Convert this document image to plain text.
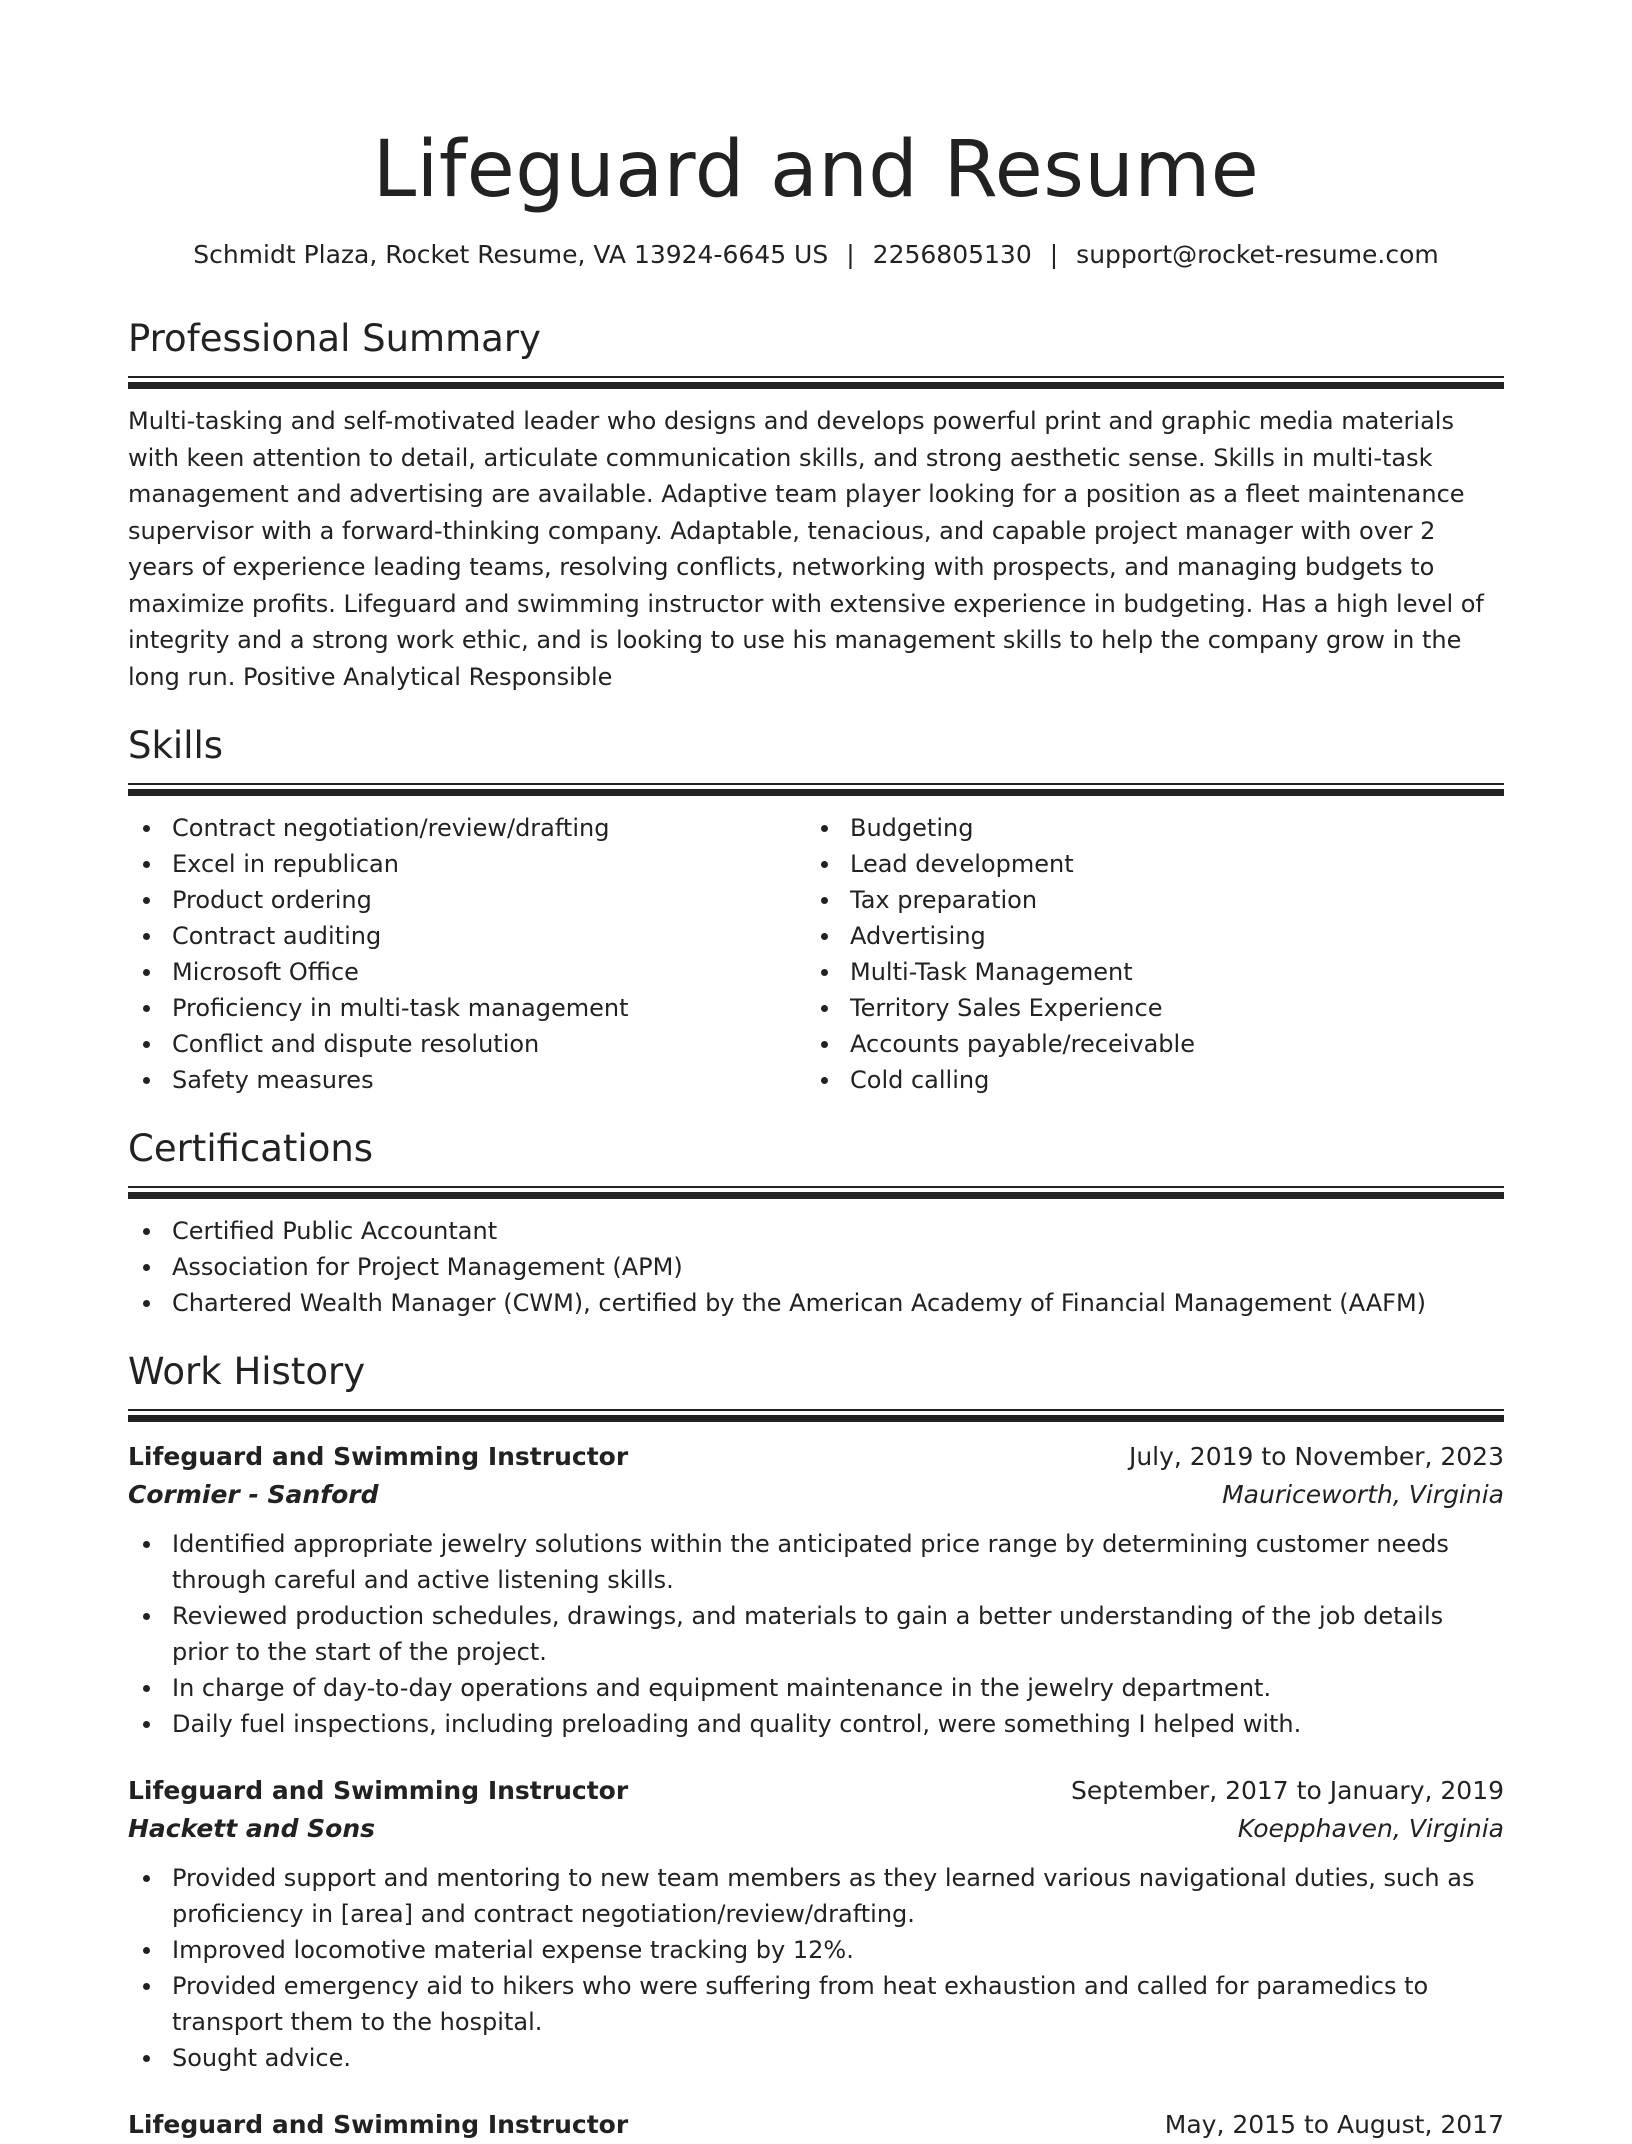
Lifeguard and Resume
Schmidt Plaza, Rocket Resume, VA 13924-6645 US | 2256805130 | support@rocket-resume.com
Professional Summary
Multi-tasking and self-motivated leader who designs and develops powerful print and graphic media materials with keen attention to detail, articulate communication skills, and strong aesthetic sense. Skills in multi-task management and advertising are available. Adaptive team player looking for a position as a fleet maintenance supervisor with a forward-thinking company. Adaptable, tenacious, and capable project manager with over 2 years of experience leading teams, resolving conflicts, networking with prospects, and managing budgets to maximize profits. Lifeguard and swimming instructor with extensive experience in budgeting. Has a high level of integrity and a strong work ethic, and is looking to use his management skills to help the company grow in the long run. Positive Analytical Responsible
Skills
Contract negotiation/review/drafting
Excel in republican
Product ordering
Contract auditing
Microsoft Office
Proficiency in multi-task management
Conflict and dispute resolution
Safety measures
Budgeting
Lead development
Tax preparation
Advertising
Multi-Task Management
Territory Sales Experience
Accounts payable/receivable
Cold calling
Certifications
Certified Public Accountant
Association for Project Management (APM)
Chartered Wealth Manager (CWM), certified by the American Academy of Financial Management (AAFM)
Work History
Lifeguard and Swimming Instructor	July, 2019 to November, 2023
Cormier - Sanford	Mauriceworth, Virginia
Identified appropriate jewelry solutions within the anticipated price range by determining customer needs through careful and active listening skills.
Reviewed production schedules, drawings, and materials to gain a better understanding of the job details prior to the start of the project.
In charge of day-to-day operations and equipment maintenance in the jewelry department.
Daily fuel inspections, including preloading and quality control, were something I helped with.
Lifeguard and Swimming Instructor	September, 2017 to January, 2019
Hackett and Sons	Koepphaven, Virginia
Provided support and mentoring to new team members as they learned various navigational duties, such as proficiency in [area] and contract negotiation/review/drafting.
Improved locomotive material expense tracking by 12%.
Provided emergency aid to hikers who were suffering from heat exhaustion and called for paramedics to transport them to the hospital.
Sought advice.
Lifeguard and Swimming Instructor	May, 2015 to August, 2017
